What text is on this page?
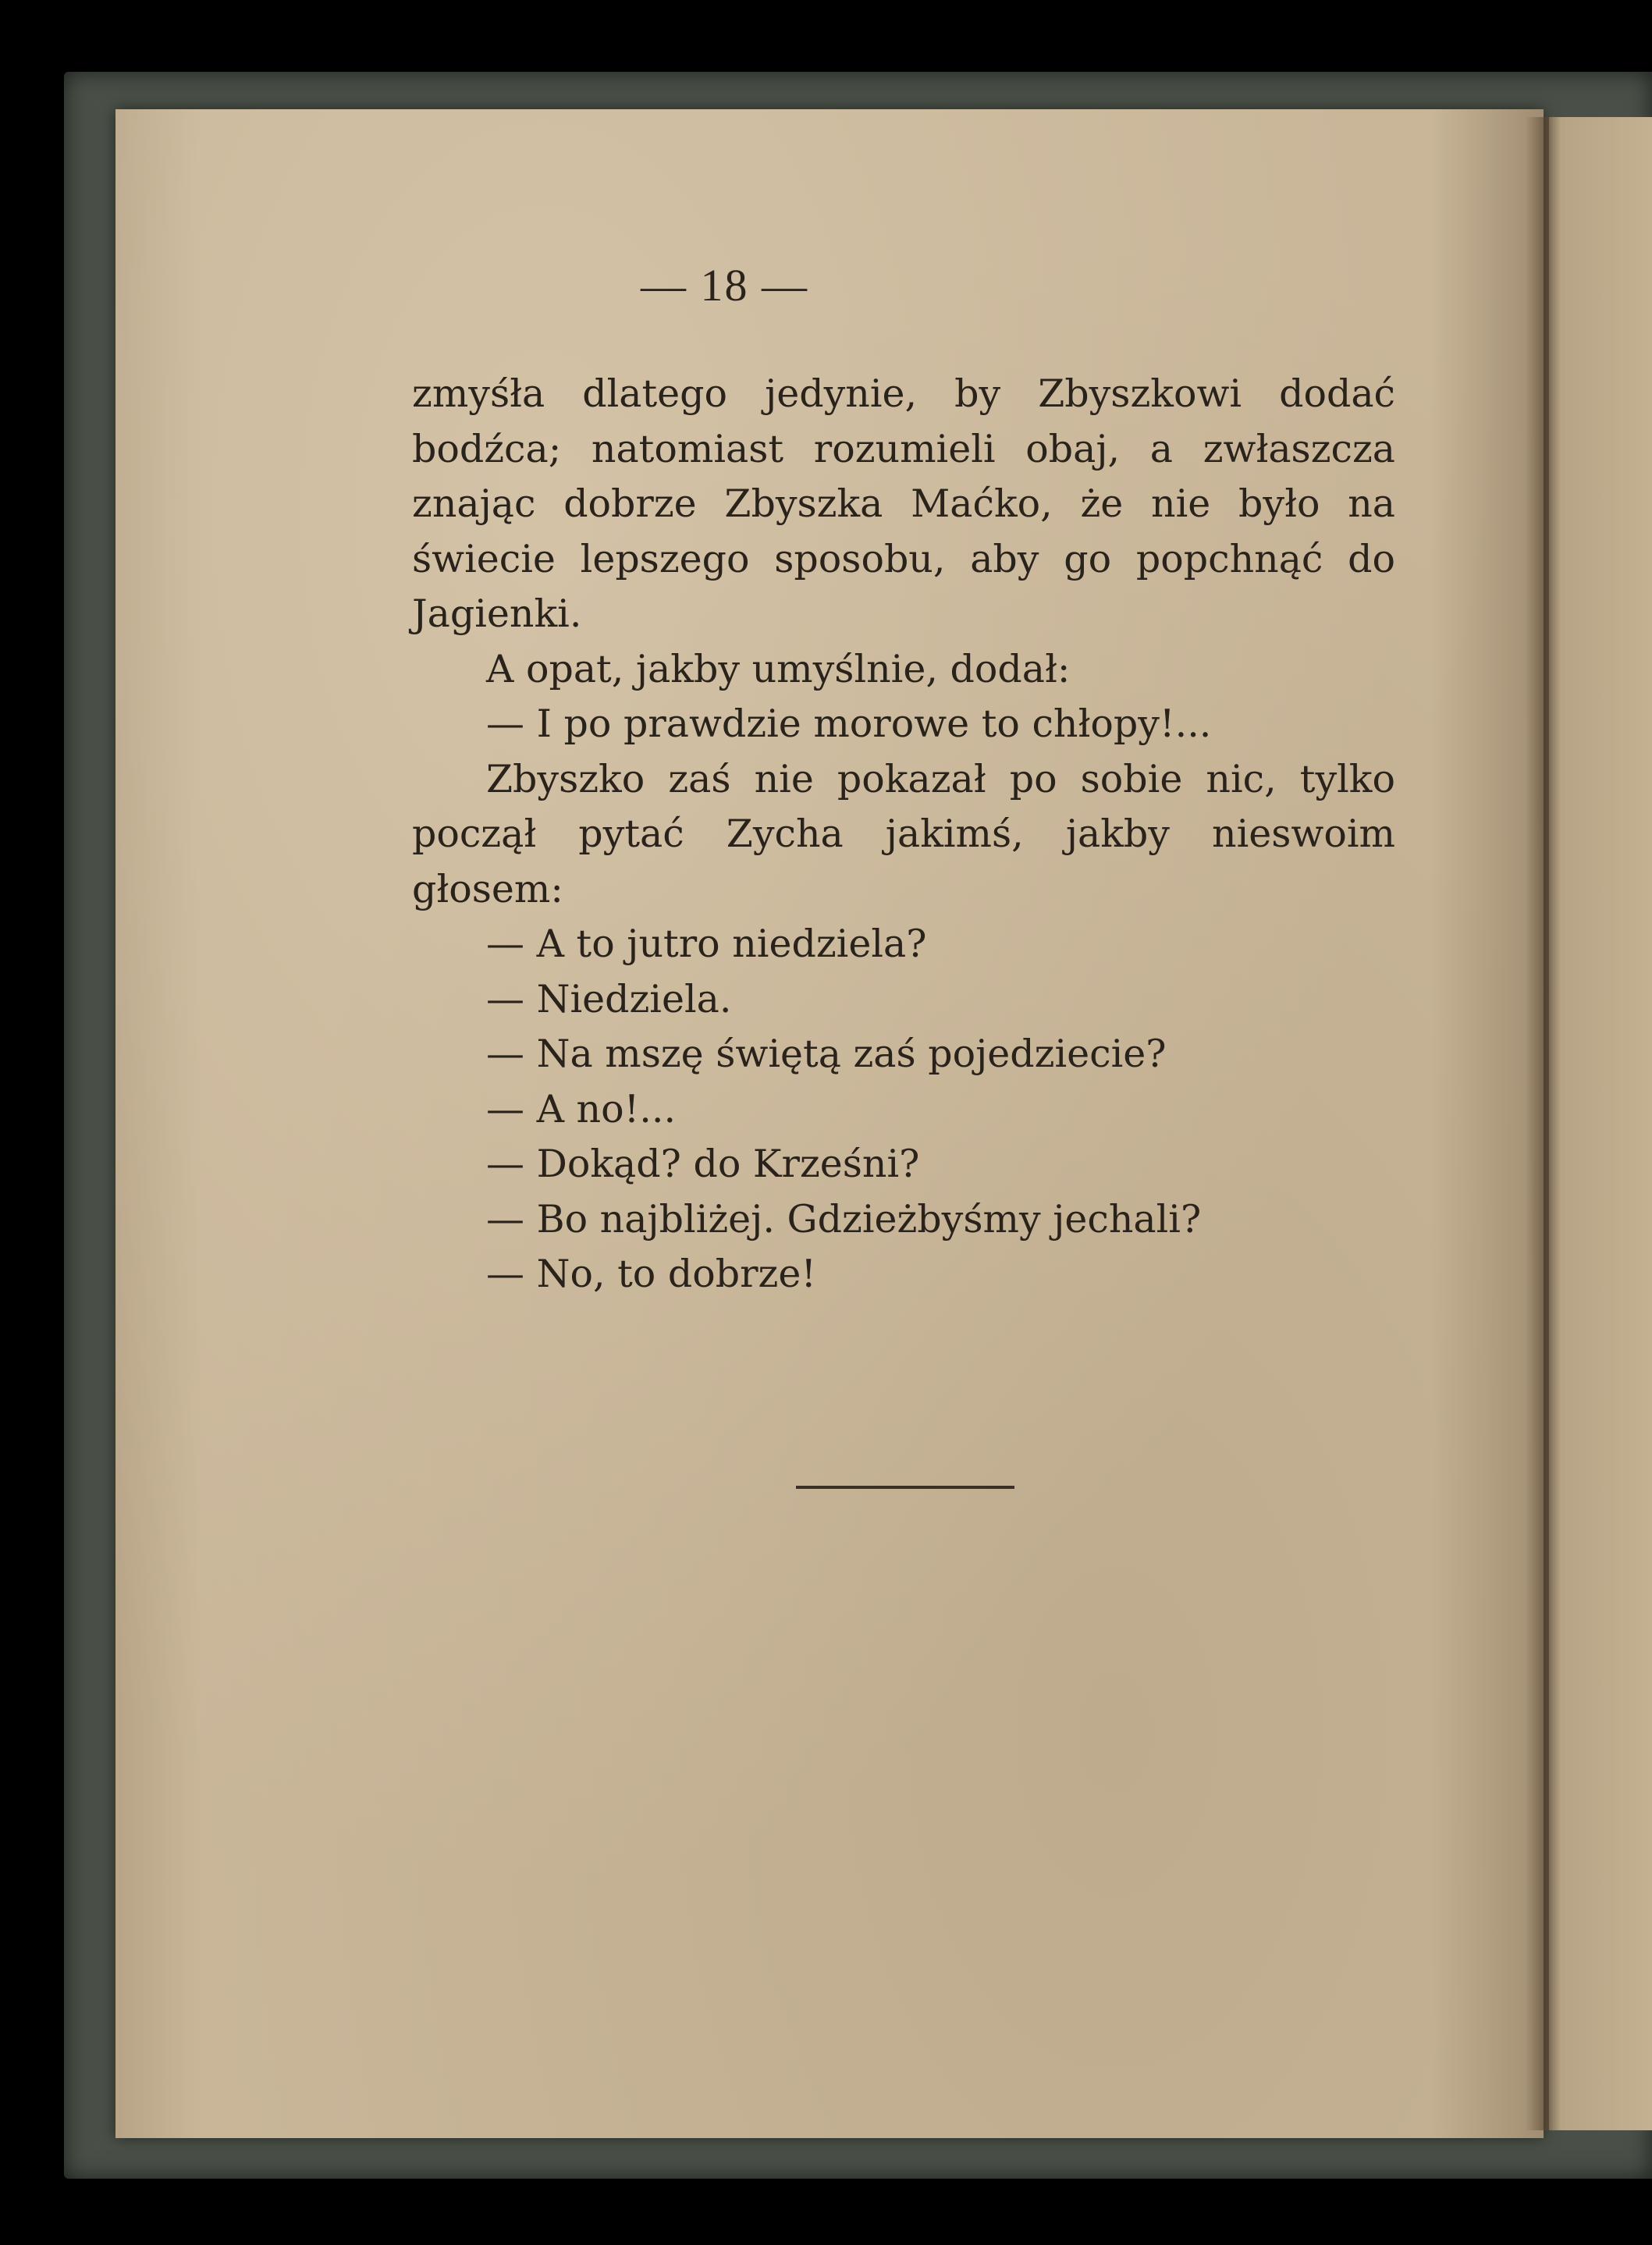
— 18 —
zmyśła dlatego jedynie, by Zbyszkowi dodać
bodźca; natomiast rozumieli obaj, a zwłaszcza
znając dobrze Zbyszka Maćko, że nie było na
świecie lepszego sposobu, aby go popchnąć do
Jagienki.
A opat, jakby umyślnie, dodał:
— I po prawdzie morowe to chłopy!...
Zbyszko zaś nie pokazał po sobie nic, tylko
począł pytać Zycha jakimś, jakby nieswoim
głosem:
— A to jutro niedziela?
— Niedziela.
— Na mszę świętą zaś pojedziecie?
— A no!...
— Dokąd? do Krześni?
— Bo najbliżej. Gdzieżbyśmy jechali?
— No, to dobrze!
